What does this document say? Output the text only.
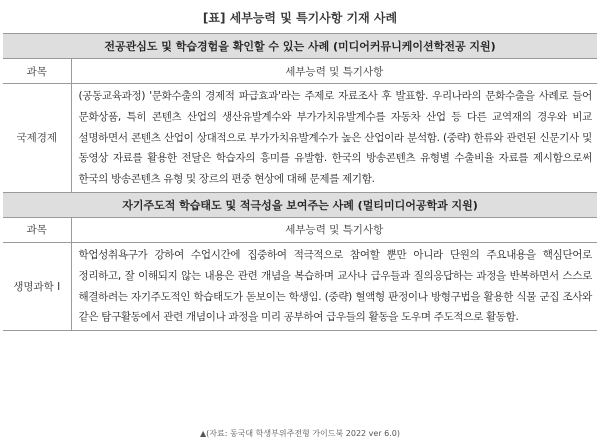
[표] 세부능력 및 특기사항 기재 사례
전공관심도 및 학습경험을 확인할 수 있는 사례 (미디어커뮤니케이션학전공 지원)	
과목	세부능력 및 특기사항
국제경제	(공동교육과정) '문화수출의 경제적 파급효과'라는 주제로 자료조사 후 발표함. 우리나라의 문화수출을 사례로 들어 문화상품, 특히 콘텐츠 산업의 생산유발계수와 부가가치유발계수를 자동차 산업 등 다른 교역재의 경우와 비교 설명하면서 콘텐츠 산업이 상대적으로 부가가치유발계수가 높은 산업이라 분석함. (중략) 한류와 관련된 신문기사 및 동영상 자료를 활용한 전달은 학습자의 흥미를 유발함. 한국의 방송콘텐츠 유형별 수출비율 자료를 제시함으로써 한국의 방송콘텐츠 유형 및 장르의 편중 현상에 대해 문제를 제기함.

자기주도적 학습태도 및 적극성을 보여주는 사례 (멀티미디어공학과 지원)	
과목	세부능력 및 특기사항
생명과학 Ⅰ	학업성취욕구가 강하여 수업시간에 집중하여 적극적으로 참여할 뿐만 아니라 단원의 주요내용을 핵심단어로 정리하고, 잘 이해되지 않는 내용은 관련 개념을 복습하며 교사나 급우들과 질의응답하는 과정을 반복하면서 스스로 해결하려는 자기주도적인 학습태도가 돋보이는 학생임. (중략) 혈액형 판정이나 방형구법을 활용한 식물 군집 조사와 같은 탐구활동에서 관련 개념이나 과정을 미리 공부하여 급우들의 활동을 도우며 주도적으로 활동함.

▲(자료: 동국대 학생부위주전형 가이드북 2022 ver 6.0)
